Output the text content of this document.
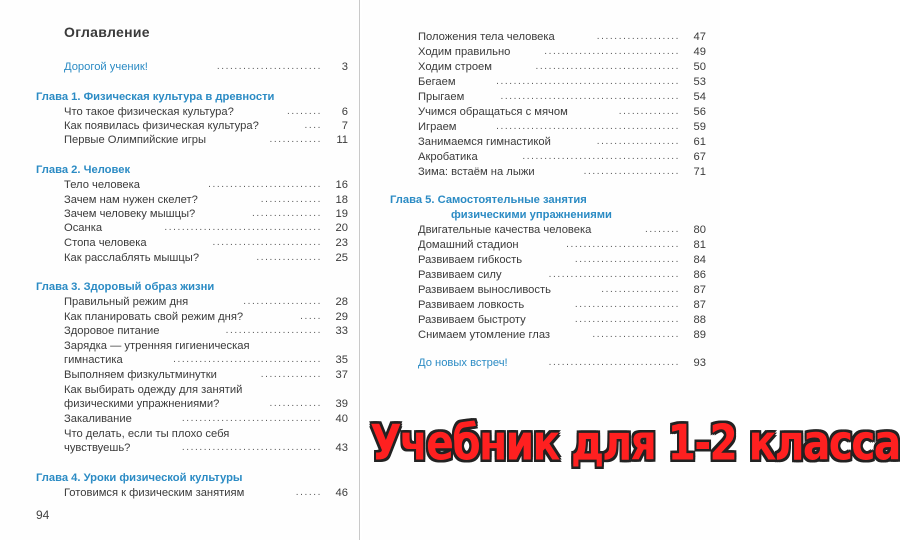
Оглавление
Дорогой ученик!	........................	3
Глава 1. Физическая культура в древности
Что такое физическая культура?	........	6
Как появилась физическая культура?	....	7
Первые Олимпийские игры	............	11
Глава 2. Человек
Тело человека	..........................	16
Зачем нам нужен скелет?	..............	18
Зачем человеку мышцы?	................	19
Осанка	....................................	20
Стопа человека	.........................	23
Как расслаблять мышцы?	...............	25
Глава 3. Здоровый образ жизни
Правильный режим дня	..................	28
Как планировать свой режим дня?	.....	29
Здоровое питание	......................	33
Зарядка — утренняя гигиеническая
гимнастика	..................................	35
Выполняем физкультминутки	..............	37
Как выбирать одежду для занятий
физическими упражнениями?	............	39
Закаливание	................................	40
Что делать, если ты плохо себя
чувствуешь?	................................	43
Глава 4. Уроки физической культуры
Готовимся к физическим занятиям	......	46
94
Положения тела человека	...................	47
Ходим правильно	...............................	49
Ходим строем	.................................	50
Бегаем	..........................................	53
Прыгаем	.........................................	54
Учимся обращаться с мячом	..............	56
Играем	..........................................	59
Занимаемся гимнастикой	...................	61
Акробатика	....................................	67
Зима: встаём на лыжи	......................	71
Глава 5. Самостоятельные занятия
физическими упражнениями
Двигательные качества человека	........	80
Домашний стадион	..........................	81
Развиваем гибкость	........................	84
Развиваем силу	..............................	86
Развиваем выносливость	..................	87
Развиваем ловкость	........................	87
Развиваем быстроту	........................	88
Снимаем утомление глаз	....................	89
До новых встреч!	..............................	93
Учебник для 1-2 класса
